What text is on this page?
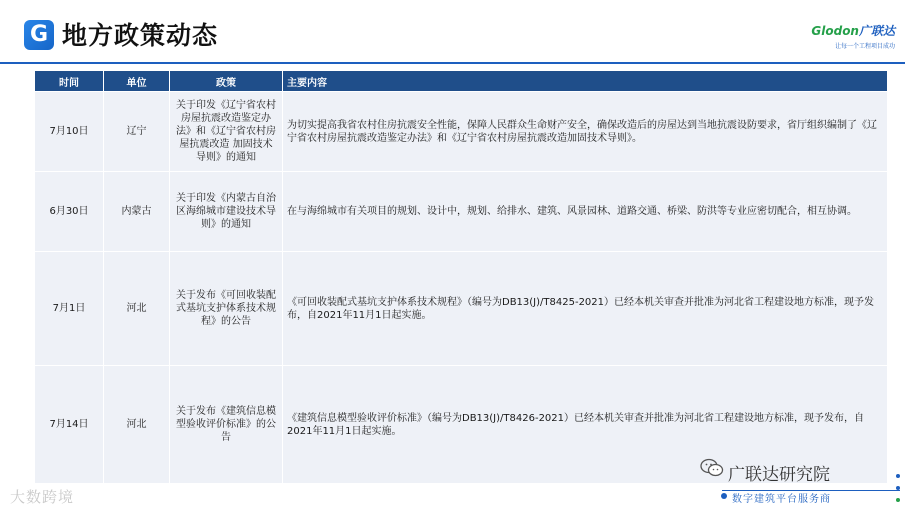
G 地方政策动态	Glodon广联达
让每一个工程项目成功
时间	单位	政策	主要内容
7月10日	辽宁	关于印发《辽宁省农村房屋抗震改造鉴定办法》和《辽宁省农村房屋抗震改造 加固技术导则》的通知	为切实提高我省农村住房抗震安全性能，保障人民群众生命财产安全，确保改造后的房屋达到当地抗震设防要求，省厅组织编制了《辽宁省农村房屋抗震改造鉴定办法》和《辽宁省农村房屋抗震改造加固技术导则》。
6月30日	内蒙古	关于印发《内蒙古自治区海绵城市建设技术导则》的通知	在与海绵城市有关项目的规划、设计中，规划、给排水、建筑、风景园林、道路交通、桥梁、防洪等专业应密切配合，相互协调。
7月1日	河北	关于发布《可回收装配式基坑支护体系技术规程》的公告	《可回收装配式基坑支护体系技术规程》（编号为DB13(J)/T8425-2021）已经本机关审查并批准为河北省工程建设地方标准，现予发布，自2021年11月1日起实施。
7月14日	河北	关于发布《建筑信息模型验收评价标准》的公告	《建筑信息模型验收评价标准》（编号为DB13(J)/T8426-2021）已经本机关审查并批准为河北省工程建设地方标准，现予发布，自2021年11月1日起实施。
广联达研究院
数字建筑平台服务商
大数跨境
